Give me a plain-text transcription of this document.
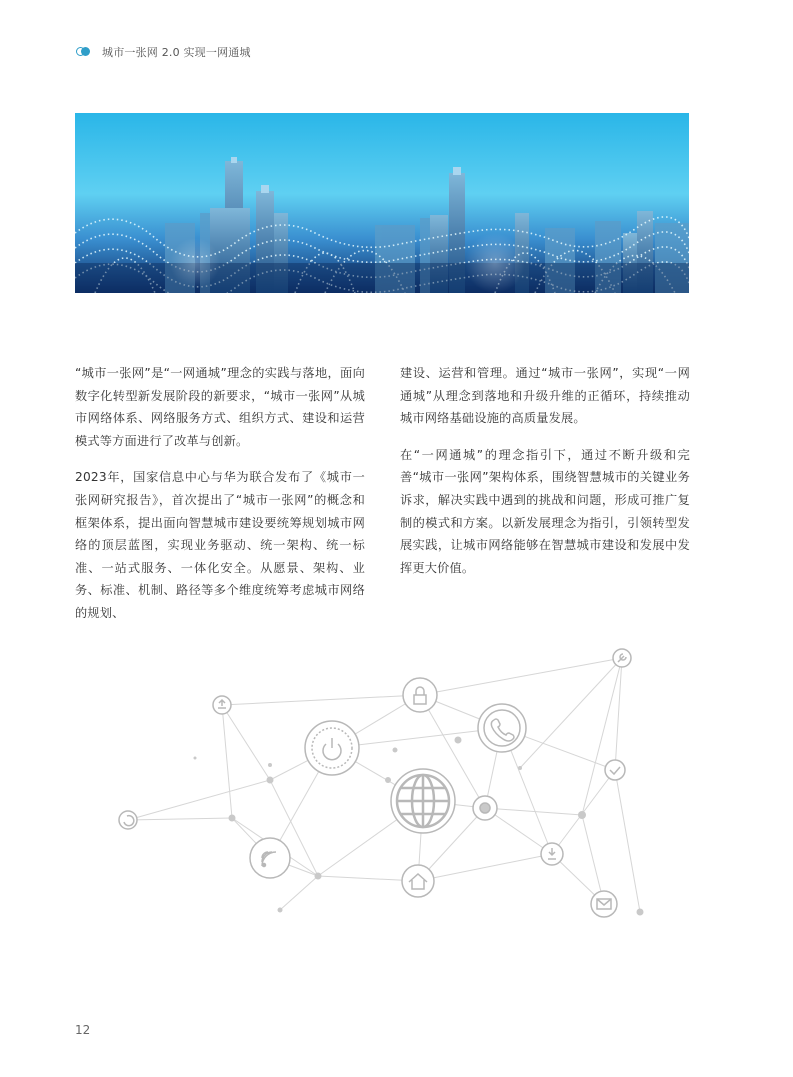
城市一张网 2.0 实现一网通城

“城市一张网”是“一网通城”理念的实践与落地，面向数字化转型新发展阶段的新要求，“城市一张网”从城市网络体系、网络服务方式、组织方式、建设和运营模式等方面进行了改革与创新。

2023年，国家信息中心与华为联合发布了《城市一张网研究报告》，首次提出了“城市一张网”的概念和框架体系，提出面向智慧城市建设要统筹规划城市网络的顶层蓝图，实现业务驱动、统一架构、统一标准、一站式服务、一体化安全。从愿景、架构、业务、标准、机制、路径等多个维度统筹考虑城市网络的规划、

建设、运营和管理。通过“城市一张网”，实现“一网通城”从理念到落地和升级升维的正循环，持续推动城市网络基础设施的高质量发展。

在“一网通城”的理念指引下，通过不断升级和完善“城市一张网”架构体系，围绕智慧城市的关键业务诉求，解决实践中遇到的挑战和问题，形成可推广复制的模式和方案。以新发展理念为指引，引领转型发展实践，让城市网络能够在智慧城市建设和发展中发挥更大价值。

12
